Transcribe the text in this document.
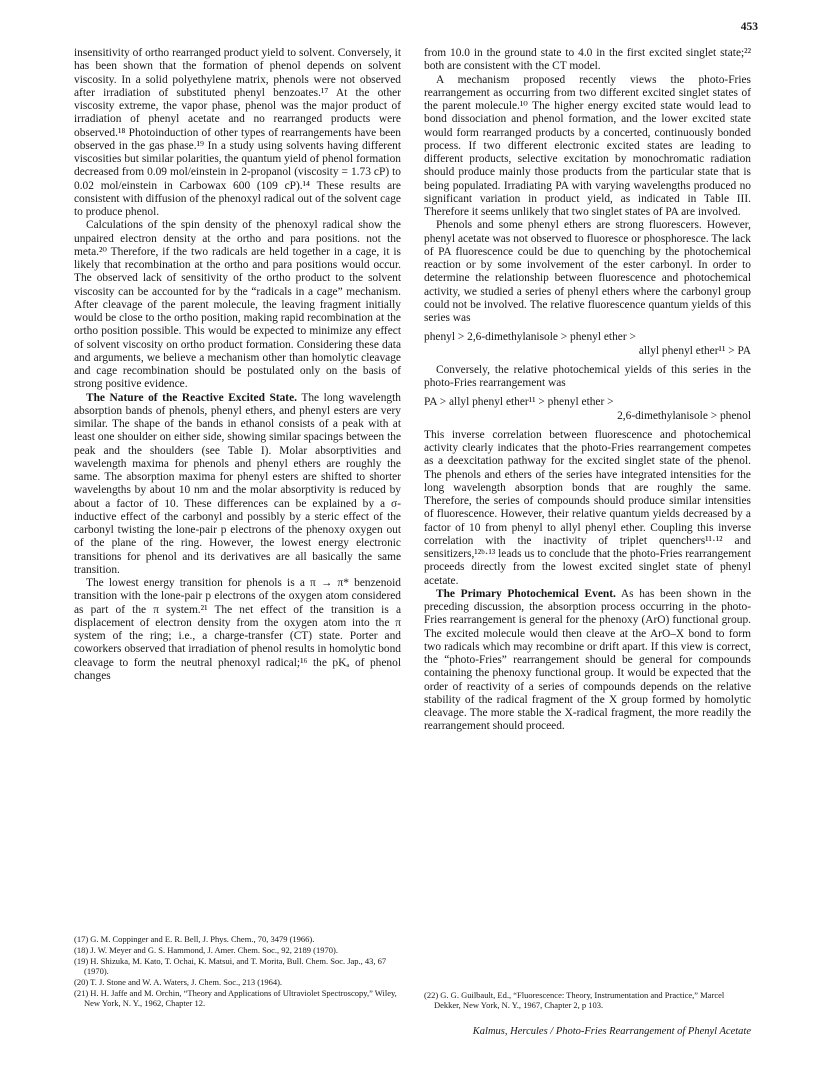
453

insensitivity of ortho rearranged product yield to solvent. Conversely, it has been shown that the formation of phenol depends on solvent viscosity. In a solid polyethylene matrix, phenols were not observed after irradiation of substituted phenyl benzoates.¹⁷ At the other viscosity extreme, the vapor phase, phenol was the major product of irradiation of phenyl acetate and no rearranged products were observed.¹⁸ Photoinduction of other types of rearrangements have been observed in the gas phase.¹⁹ In a study using solvents having different viscosities but similar polarities, the quantum yield of phenol formation decreased from 0.09 mol/einstein in 2-propanol (viscosity = 1.73 cP) to 0.02 mol/einstein in Carbowax 600 (109 cP).¹⁴ These results are consistent with diffusion of the phenoxyl radical out of the solvent cage to produce phenol.

Calculations of the spin density of the phenoxyl radical show the unpaired electron density at the ortho and para positions. not the meta.²⁰ Therefore, if the two radicals are held together in a cage, it is likely that recombination at the ortho and para positions would occur. The observed lack of sensitivity of the ortho product to the solvent viscosity can be accounted for by the “radicals in a cage” mechanism. After cleavage of the parent molecule, the leaving fragment initially would be close to the ortho position, making rapid recombination at the ortho position possible. This would be expected to minimize any effect of solvent viscosity on ortho product formation. Considering these data and arguments, we believe a mechanism other than homolytic cleavage and cage recombination should be postulated only on the basis of strong positive evidence.

The Nature of the Reactive Excited State. The long wavelength absorption bands of phenols, phenyl ethers, and phenyl esters are very similar. The shape of the bands in ethanol consists of a peak with at least one shoulder on either side, showing similar spacings between the peak and the shoulders (see Table I). Molar absorptivities and wavelength maxima for phenols and phenyl ethers are roughly the same. The absorption maxima for phenyl esters are shifted to shorter wavelengths by about 10 nm and the molar absorptivity is reduced by about a factor of 10. These differences can be explained by a σ-inductive effect of the carbonyl and possibly by a steric effect of the carbonyl twisting the lone-pair p electrons of the phenoxy oxygen out of the plane of the ring. However, the lowest energy electronic transitions for phenol and its derivatives are all basically the same transition.

The lowest energy transition for phenols is a π → π* benzenoid transition with the lone-pair p electrons of the oxygen atom considered as part of the π system.²¹ The net effect of the transition is a displacement of electron density from the oxygen atom into the π system of the ring; i.e., a charge-transfer (CT) state. Porter and coworkers observed that irradiation of phenol results in homolytic bond cleavage to form the neutral phenoxyl radical;¹⁶ the pKₐ of phenol changes

(17) G. M. Coppinger and E. R. Bell, J. Phys. Chem., 70, 3479 (1966).
(18) J. W. Meyer and G. S. Hammond, J. Amer. Chem. Soc., 92, 2189 (1970).
(19) H. Shizuka, M. Kato, T. Ochai, K. Matsui, and T. Morita, Bull. Chem. Soc. Jap., 43, 67 (1970).
(20) T. J. Stone and W. A. Waters, J. Chem. Soc., 213 (1964).
(21) H. H. Jaffe and M. Orchin, “Theory and Applications of Ultraviolet Spectroscopy,” Wiley, New York, N. Y., 1962, Chapter 12.

from 10.0 in the ground state to 4.0 in the first excited singlet state;²² both are consistent with the CT model.

A mechanism proposed recently views the photo-Fries rearrangement as occurring from two different excited singlet states of the parent molecule.¹⁰ The higher energy excited state would lead to bond dissociation and phenol formation, and the lower excited state would form rearranged products by a concerted, continuously bonded process. If two different electronic excited states are leading to different products, selective excitation by monochromatic radiation should produce mainly those products from the particular state that is being populated. Irradiating PA with varying wavelengths produced no significant variation in product yield, as indicated in Table III. Therefore it seems unlikely that two singlet states of PA are involved.

Phenols and some phenyl ethers are strong fluorescers. However, phenyl acetate was not observed to fluoresce or phosphoresce. The lack of PA fluorescence could be due to quenching by the photochemical reaction or by some involvement of the ester carbonyl. In order to determine the relationship between fluorescence and photochemical activity, we studied a series of phenyl ethers where the carbonyl group could not be involved. The relative fluorescence quantum yields of this series was

phenyl > 2,6-dimethylanisole > phenyl ether >
allyl phenyl ether¹¹ > PA

Conversely, the relative photochemical yields of this series in the photo-Fries rearrangement was

PA > allyl phenyl ether¹¹ > phenyl ether >
2,6-dimethylanisole > phenol

This inverse correlation between fluorescence and photochemical activity clearly indicates that the photo-Fries rearrangement competes as a deexcitation pathway for the excited singlet state of the phenol. The phenols and ethers of the series have integrated intensities for the long wavelength absorption bonds that are roughly the same. Therefore, the series of compounds should produce similar intensities of fluorescence. However, their relative quantum yields decreased by a factor of 10 from phenyl to allyl phenyl ether. Coupling this inverse correlation with the inactivity of triplet quenchers¹¹·¹² and sensitizers,¹²ᵇ·¹³ leads us to conclude that the photo-Fries rearrangement proceeds directly from the lowest excited singlet state of phenyl acetate.

The Primary Photochemical Event. As has been shown in the preceding discussion, the absorption process occurring in the photo-Fries rearrangement is general for the phenoxy (ArO) functional group. The excited molecule would then cleave at the ArO–X bond to form two radicals which may recombine or drift apart. If this view is correct, the “photo-Fries” rearrangement should be general for compounds containing the phenoxy functional group. It would be expected that the order of reactivity of a series of compounds depends on the relative stability of the radical fragment of the X group formed by homolytic cleavage. The more stable the X-radical fragment, the more readily the rearrangement should proceed.

(22) G. G. Guilbault, Ed., “Fluorescence: Theory, Instrumentation and Practice,” Marcel Dekker, New York, N. Y., 1967, Chapter 2, p 103.
Kalmus, Hercules / Photo-Fries Rearrangement of Phenyl Acetate
